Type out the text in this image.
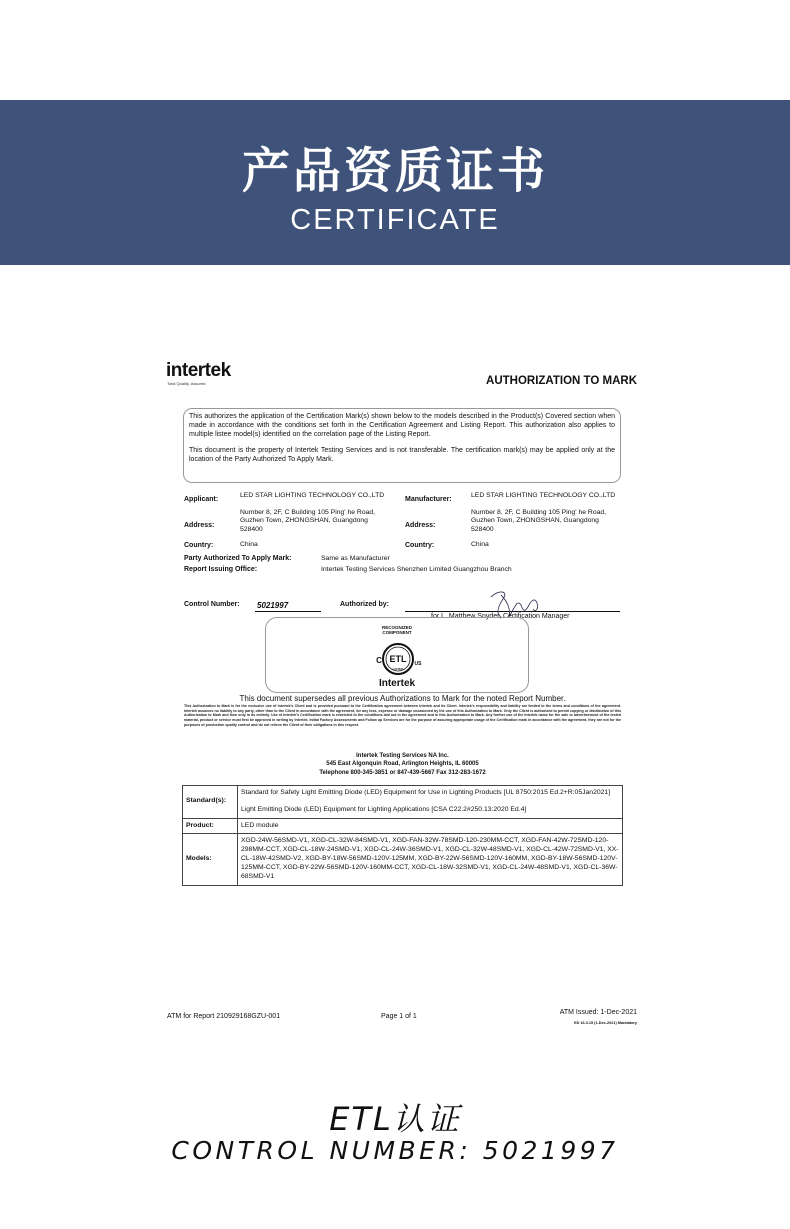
产品资质证书
CERTIFICATE
intertek
Total Quality. Assured.	AUTHORIZATION TO MARK

This authorizes the application of the Certification Mark(s) shown below to the models described in the Product(s) Covered section when made in accordance with the conditions set forth in the Certification Agreement and Listing Report. This authorization also applies to multiple listee model(s) identified on the correlation page of the Listing Report.

This document is the property of Intertek Testing Services and is not transferable. The certification mark(s) may be applied only at the location of the Party Authorized To Apply Mark.

Applicant:
LED STAR LIGHTING TECHNOLOGY CO.,LTD
Address:
Number 8, 2F, C Building 105 Ping' he Road, Guzhen Town, ZHONGSHAN, Guangdong 528400
Country:	China
Manufacturer:
LED STAR LIGHTING TECHNOLOGY CO.,LTD
Address:
Number 8, 2F, C Building 105 Ping' he Road, Guzhen Town, ZHONGSHAN, Guangdong 528400
Country:	China
Party Authorized To Apply Mark:	Same as Manufacturer
Report Issuing Office:	Intertek Testing Services Shenzhen Limited Guangzhou Branch
Control Number: 5021997	Authorized by:
for L. Matthew Snyder, Certification Manager
RECOGNIZED
COMPONENT
ETL
LISTED
C	US
Intertek
This document supersedes all previous Authorizations to Mark for the noted Report Number.
This Authorization to Mark is for the exclusive use of Intertek's Client and is provided pursuant to the Certification agreement between Intertek and its Client. Intertek's responsibility and liability are limited to the terms and conditions of the agreement. Intertek assumes no liability to any party, other than to the Client in accordance with the agreement, for any loss, expense or damage occasioned by the use of this Authorization to Mark. Only the Client is authorized to permit copying or distribution of this Authorization to Mark and then only in its entirety. Use of Intertek's Certification mark is restricted to the conditions laid out in the agreement and in this Authorization to Mark. Any further use of the Intertek name for the sale or advertisement of the tested material, product or service must first be approved in writing by Intertek. Initial Factory Assessments and Follow up Services are for the purpose of assuring appropriate usage of the Certification mark in accordance with the agreement, they are not for the purposes of production quality control and do not relieve the Client of their obligations in this respect.
Intertek Testing Services NA Inc.
545 East Algonquin Road, Arlington Heights, IL 60005
Telephone 800-345-3851 or 847-439-5667 Fax 312-283-1672
Standard(s):	Standard for Safety Light Emitting Diode (LED) Equipment for Use in Lighting Products [UL 8750:2015 Ed.2+R:05Jan2021]
Light Emitting Diode (LED) Equipment for Lighting Applications [CSA C22.2#250.13:2020 Ed.4]

Product:	LED module
Models:	XGD-24W-56SMD-V1, XGD-CL-32W-84SMD-V1, XGD-FAN-32W-78SMD-120-230MM-CCT, XGD-FAN-42W-72SMD-120-298MM-CCT, XGD-CL-18W-24SMD-V1, XGD-CL-24W-36SMD-V1, XGD-CL-32W-48SMD-V1, XGD-CL-42W-72SMD-V1, XX-CL-18W-42SMD-V2, XGD-BY-18W-56SMD-120V-125MM, XGD-BY-22W-56SMD-120V-160MM, XGD-BY-18W-56SMD-120V-125MM-CCT, XGD-BY-22W-56SMD-120V-160MM-CCT, XGD-CL-18W-32SMD-V1, XGD-CL-24W-48SMD-V1, XGD-CL-36W-68SMD-V1
ATM for Report 210929168GZU-001	Page 1 of 1
ATM Issued: 1-Dec-2021
ED 16.3.15 (1-Dec-2021) Mandatory
ETL认证
CONTROL NUMBER: 5021997
